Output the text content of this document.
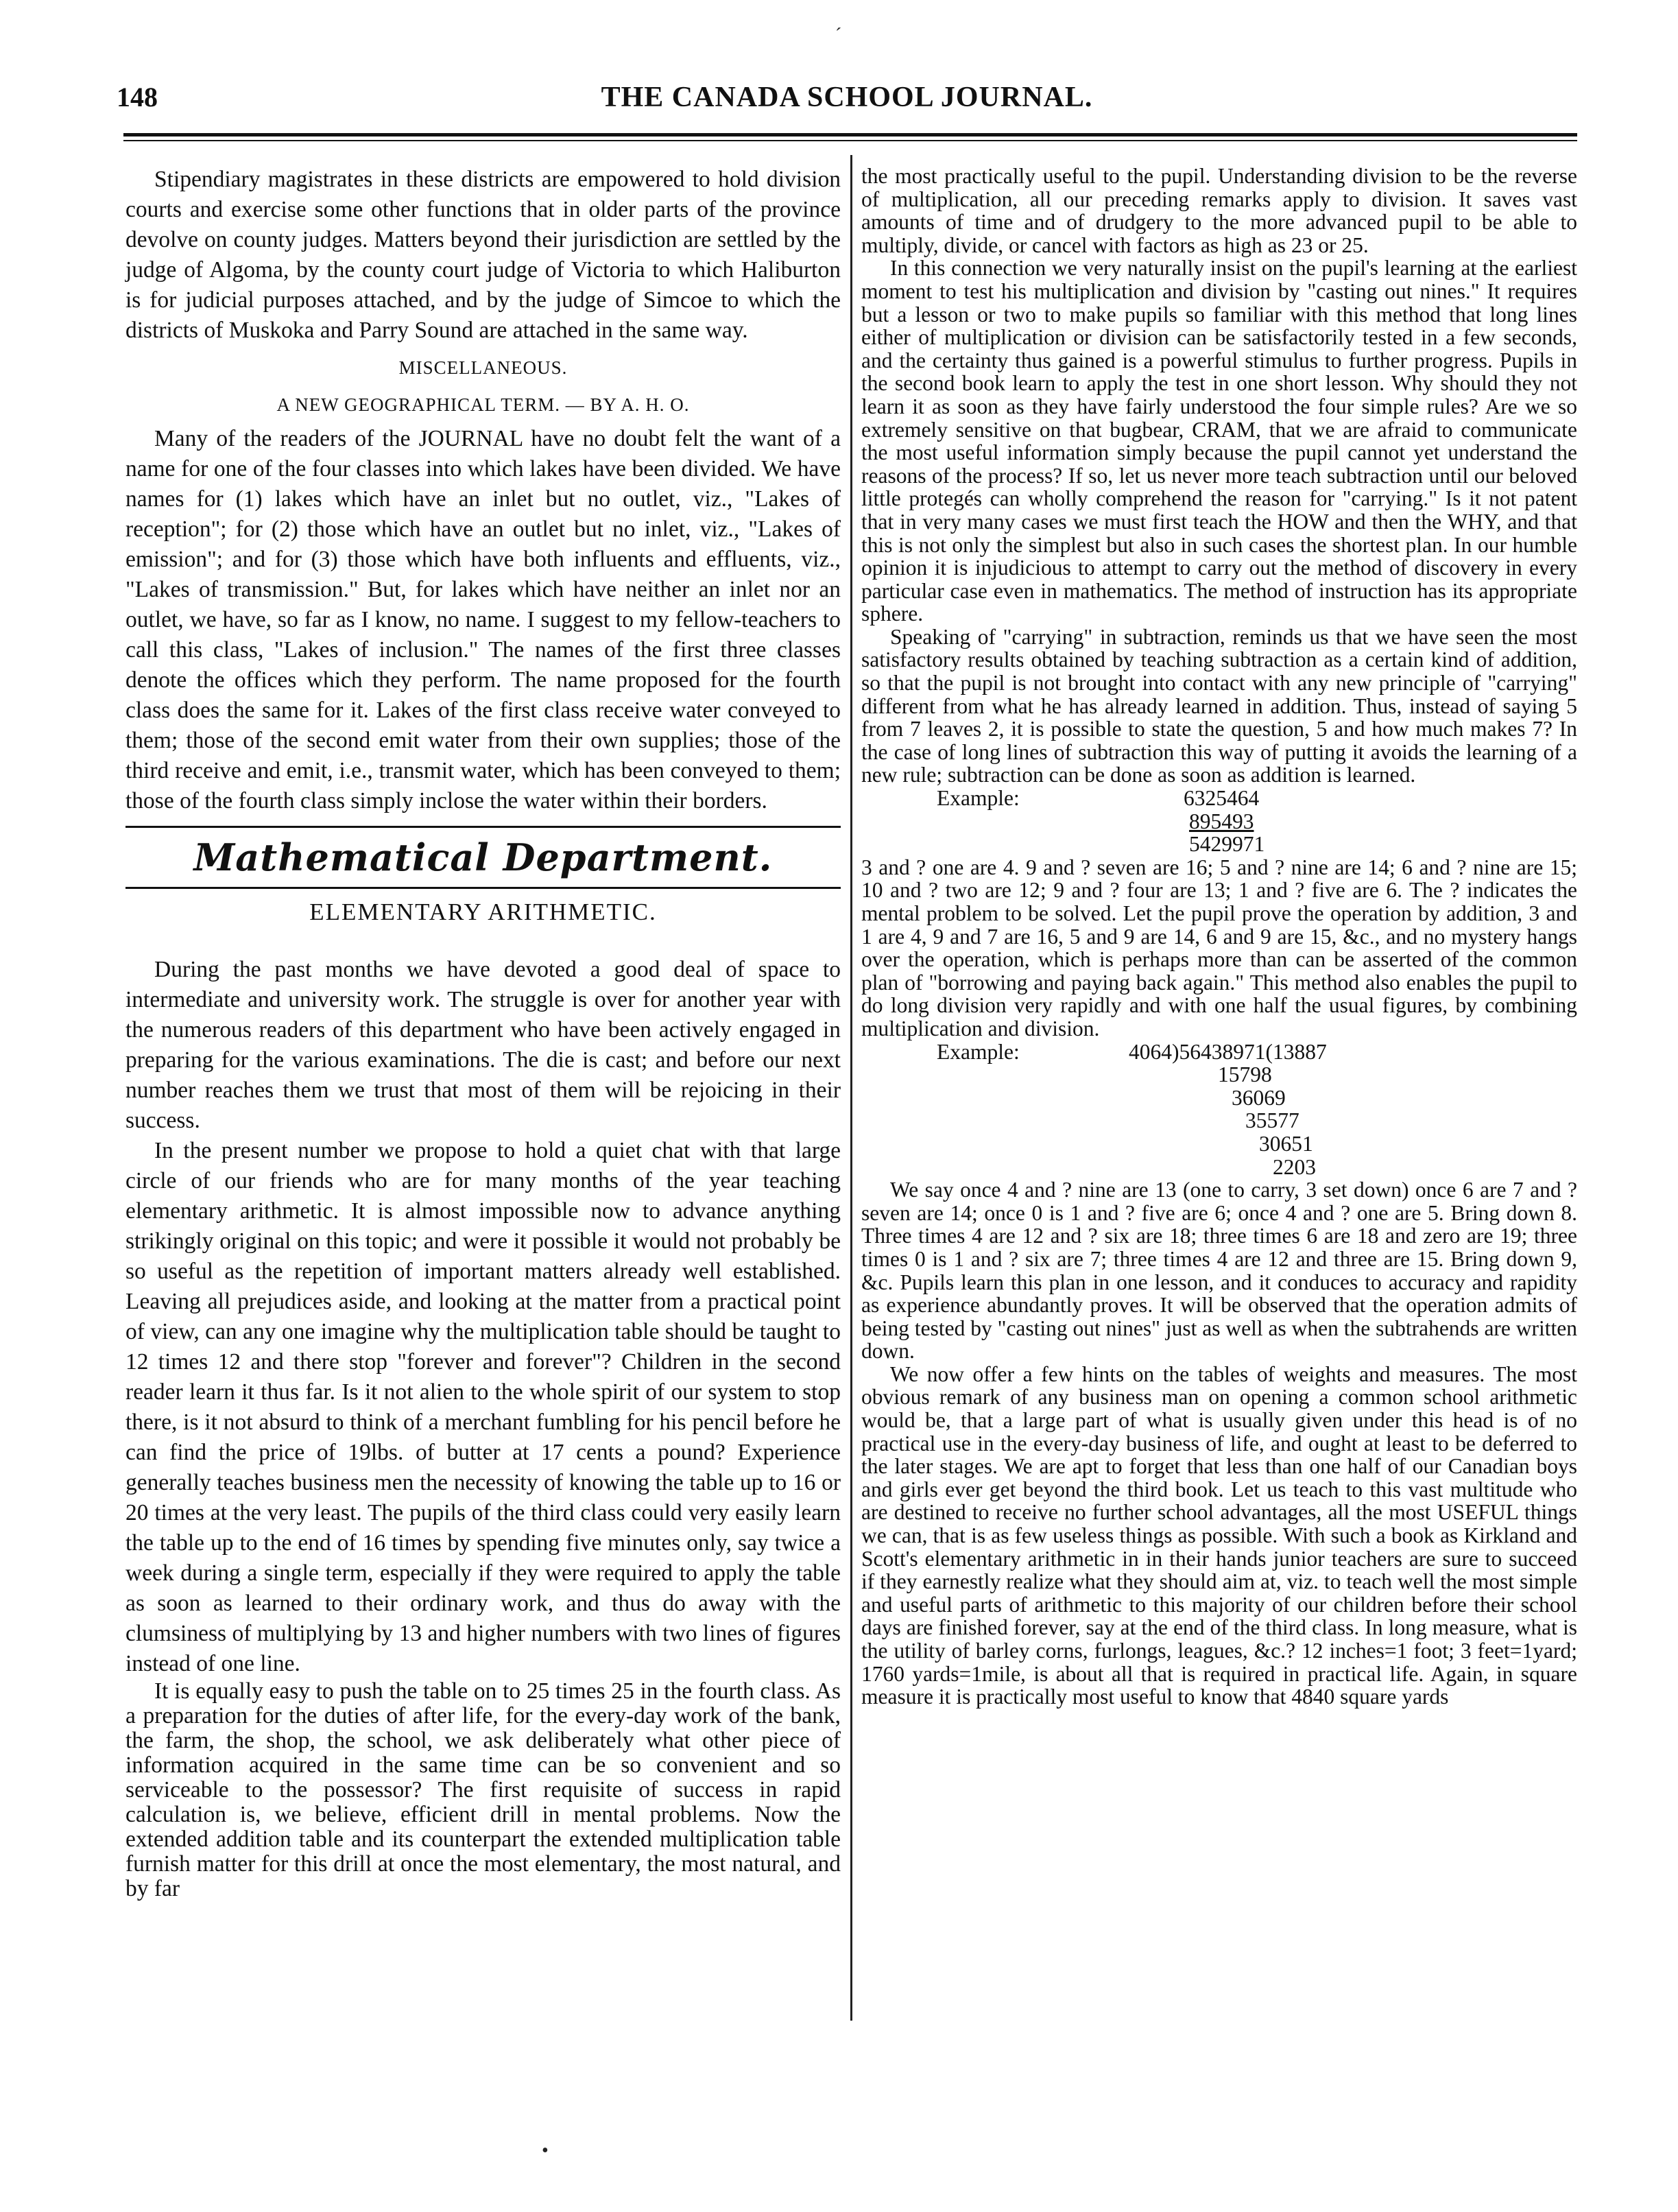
ˊ
148	THE CANADA SCHOOL JOURNAL.

Stipendiary magistrates in these districts are empowered to hold division courts and exercise some other functions that in older parts of the province devolve on county judges. Matters beyond their jurisdiction are settled by the judge of Algoma, by the county court judge of Victoria to which Haliburton is for judicial purposes attached, and by the judge of Simcoe to which the districts of Muskoka and Parry Sound are attached in the same way.

MISCELLANEOUS.
A NEW GEOGRAPHICAL TERM. — BY A. H. O.

Many of the readers of the JOURNAL have no doubt felt the want of a name for one of the four classes into which lakes have been divided. We have names for (1) lakes which have an inlet but no outlet, viz., "Lakes of reception"; for (2) those which have an outlet but no inlet, viz., "Lakes of emission"; and for (3) those which have both influents and effluents, viz., "Lakes of transmission." But, for lakes which have neither an inlet nor an outlet, we have, so far as I know, no name. I suggest to my fellow-teachers to call this class, "Lakes of inclusion." The names of the first three classes denote the offices which they perform. The name proposed for the fourth class does the same for it. Lakes of the first class receive water conveyed to them; those of the second emit water from their own supplies; those of the third receive and emit, i.e., transmit water, which has been conveyed to them; those of the fourth class simply inclose the water within their borders.

Mathematical Department.
ELEMENTARY ARITHMETIC.

During the past months we have devoted a good deal of space to intermediate and university work. The struggle is over for another year with the numerous readers of this department who have been actively engaged in preparing for the various examinations. The die is cast; and before our next number reaches them we trust that most of them will be rejoicing in their success.

In the present number we propose to hold a quiet chat with that large circle of our friends who are for many months of the year teaching elementary arithmetic. It is almost impossible now to advance anything strikingly original on this topic; and were it possible it would not probably be so useful as the repetition of important matters already well established. Leaving all prejudices aside, and looking at the matter from a practical point of view, can any one imagine why the multiplication table should be taught to 12 times 12 and there stop "forever and forever"? Children in the second reader learn it thus far. Is it not alien to the whole spirit of our system to stop there, is it not absurd to think of a merchant fumbling for his pencil before he can find the price of 19lbs. of butter at 17 cents a pound? Experience generally teaches business men the necessity of knowing the table up to 16 or 20 times at the very least. The pupils of the third class could very easily learn the table up to the end of 16 times by spending five minutes only, say twice a week during a single term, especially if they were required to apply the table as soon as learned to their ordinary work, and thus do away with the clumsiness of multiplying by 13 and higher numbers with two lines of figures instead of one line.

It is equally easy to push the table on to 25 times 25 in the fourth class. As a preparation for the duties of after life, for the every-day work of the bank, the farm, the shop, the school, we ask deliberately what other piece of information acquired in the same time can be so convenient and so serviceable to the possessor? The first requisite of success in rapid calculation is, we believe, efficient drill in mental problems. Now the extended addition table and its counterpart the extended multiplication table furnish matter for this drill at once the most elementary, the most natural, and by far

the most practically useful to the pupil. Understanding division to be the reverse of multiplication, all our preceding remarks apply to division. It saves vast amounts of time and of drudgery to the more advanced pupil to be able to multiply, divide, or cancel with factors as high as 23 or 25.

In this connection we very naturally insist on the pupil's learning at the earliest moment to test his multiplication and division by "casting out nines." It requires but a lesson or two to make pupils so familiar with this method that long lines either of multiplication or division can be satisfactorily tested in a few seconds, and the certainty thus gained is a powerful stimulus to further progress. Pupils in the second book learn to apply the test in one short lesson. Why should they not learn it as soon as they have fairly understood the four simple rules? Are we so extremely sensitive on that bugbear, CRAM, that we are afraid to communicate the most useful information simply because the pupil cannot yet understand the reasons of the process? If so, let us never more teach subtraction until our beloved little protegés can wholly comprehend the reason for "carrying." Is it not patent that in very many cases we must first teach the HOW and then the WHY, and that this is not only the simplest but also in such cases the shortest plan. In our humble opinion it is injudicious to attempt to carry out the method of discovery in every particular case even in mathematics. The method of instruction has its appropriate sphere.

Speaking of "carrying" in subtraction, reminds us that we have seen the most satisfactory results obtained by teaching subtraction as a certain kind of addition, so that the pupil is not brought into contact with any new principle of "carrying" different from what he has already learned in addition. Thus, instead of saying 5 from 7 leaves 2, it is possible to state the question, 5 and how much makes 7? In the case of long lines of subtraction this way of putting it avoids the learning of a new rule; subtraction can be done as soon as addition is learned.

Example:	6325464
895493
5429971

3 and ? one are 4. 9 and ? seven are 16; 5 and ? nine are 14; 6 and ? nine are 15; 10 and ? two are 12; 9 and ? four are 13; 1 and ? five are 6. The ? indicates the mental problem to be solved. Let the pupil prove the operation by addition, 3 and 1 are 4, 9 and 7 are 16, 5 and 9 are 14, 6 and 9 are 15, &c., and no mystery hangs over the operation, which is perhaps more than can be asserted of the common plan of "borrowing and paying back again." This method also enables the pupil to do long division very rapidly and with one half the usual figures, by combining multiplication and division.

Example:	4064)56438971(13887
15798
36069
35577
30651
2203

We say once 4 and ? nine are 13 (one to carry, 3 set down) once 6 are 7 and ? seven are 14; once 0 is 1 and ? five are 6; once 4 and ? one are 5. Bring down 8. Three times 4 are 12 and ? six are 18; three times 6 are 18 and zero are 19; three times 0 is 1 and ? six are 7; three times 4 are 12 and three are 15. Bring down 9, &c. Pupils learn this plan in one lesson, and it conduces to accuracy and rapidity as experience abundantly proves. It will be observed that the operation admits of being tested by "casting out nines" just as well as when the subtrahends are written down.

We now offer a few hints on the tables of weights and measures. The most obvious remark of any business man on opening a common school arithmetic would be, that a large part of what is usually given under this head is of no practical use in the every-day business of life, and ought at least to be deferred to the later stages. We are apt to forget that less than one half of our Canadian boys and girls ever get beyond the third book. Let us teach to this vast multitude who are destined to receive no further school advantages, all the most USEFUL things we can, that is as few useless things as possible. With such a book as Kirkland and Scott's elementary arithmetic in in their hands junior teachers are sure to succeed if they earnestly realize what they should aim at, viz. to teach well the most simple and useful parts of arithmetic to this majority of our children before their school days are finished forever, say at the end of the third class. In long measure, what is the utility of barley corns, furlongs, leagues, &c.? 12 inches=1 foot; 3 feet=1yard; 1760 yards=1mile, is about all that is required in practical life. Again, in square measure it is practically most useful to know that 4840 square yards

•
